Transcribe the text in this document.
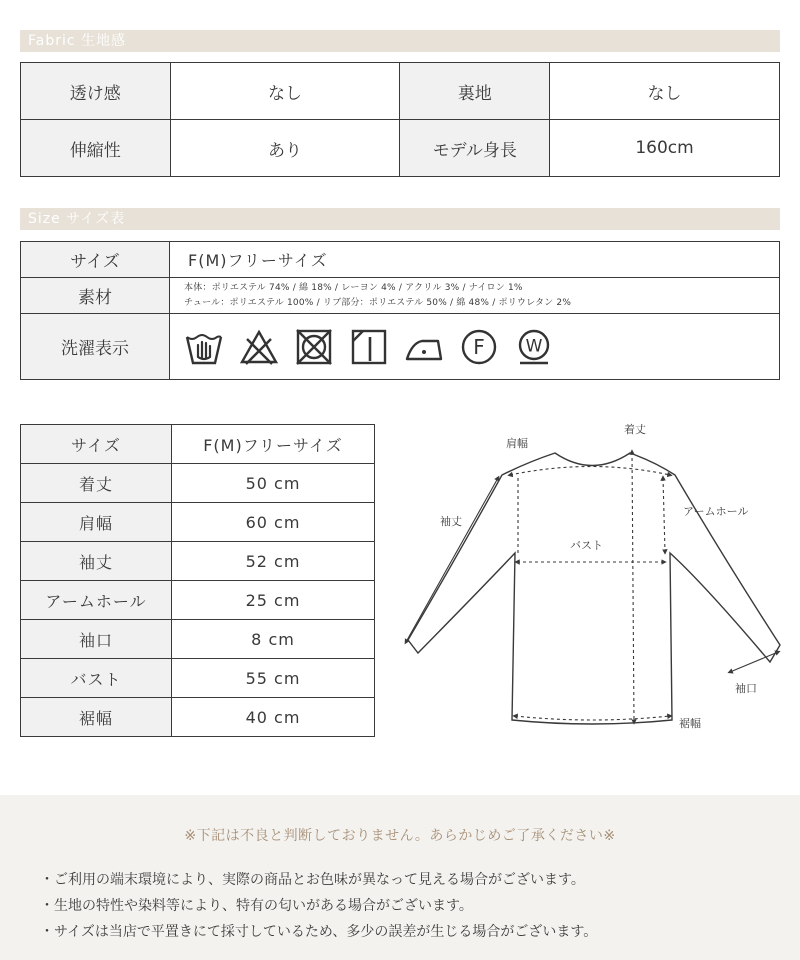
Fabric 生地感
透け感	なし	裏地	なし
伸縮性	あり	モデル身長	160cm
Size サイズ表
サイズ	F(M)フリーサイズ
素材	本体：ポリエステル 74% / 綿 18% / レーヨン 4% / アクリル 3% / ナイロン 1%
チュール：ポリエステル 100% / リブ部分：ポリエステル 50% / 綿 48% / ポリウレタン 2%

洗濯表示	F W
サイズ	F(M)フリーサイズ
着丈	50 cm
肩幅	60 cm
袖丈	52 cm
アームホール	25 cm
袖口	8 cm
バスト	55 cm
裾幅	40 cm
着丈
肩幅
袖丈
アームホール
バスト
袖口
裾幅
※下記は不良と判断しておりません。あらかじめご了承ください※
・ご利用の端末環境により、実際の商品とお色味が異なって見える場合がございます。
・生地の特性や染料等により、特有の匂いがある場合がございます。
・サイズは当店で平置きにて採寸しているため、多少の誤差が生じる場合がございます。
